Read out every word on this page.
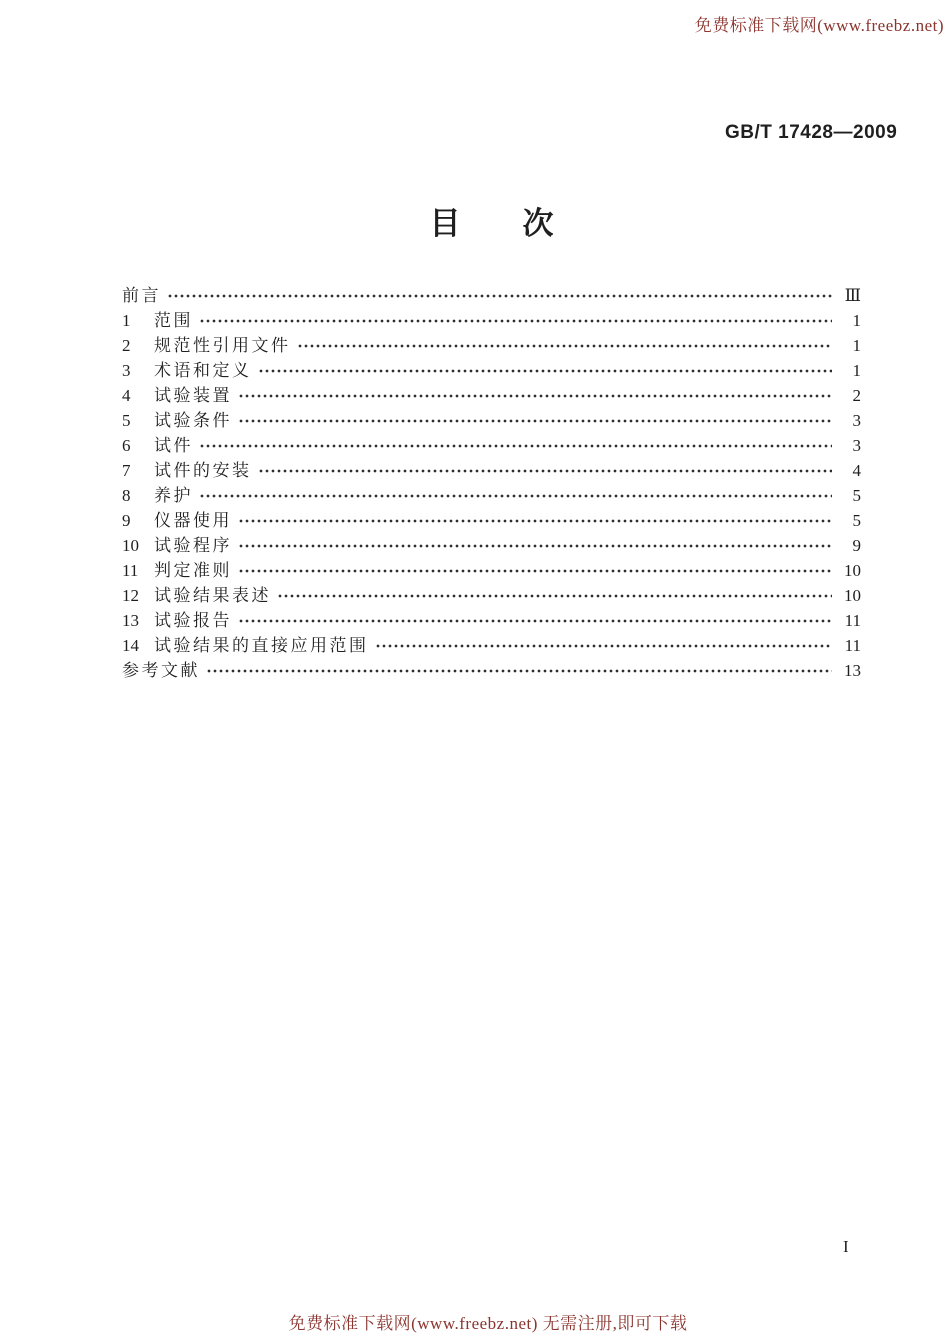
免费标准下载网(www.freebz.net)
GB/T 17428—2009
目　　次
前言	Ⅲ
1	范围	1
2	规范性引用文件	1
3	术语和定义	1
4	试验装置	2
5	试验条件	3
6	试件	3
7	试件的安装	4
8	养护	5
9	仪器使用	5
10 试验程序	9
11 判定准则	10
12 试验结果表述	10
13 试验报告	11
14 试验结果的直接应用范围	11
参考文献	13
I
免费标准下载网(www.freebz.net) 无需注册,即可下载
